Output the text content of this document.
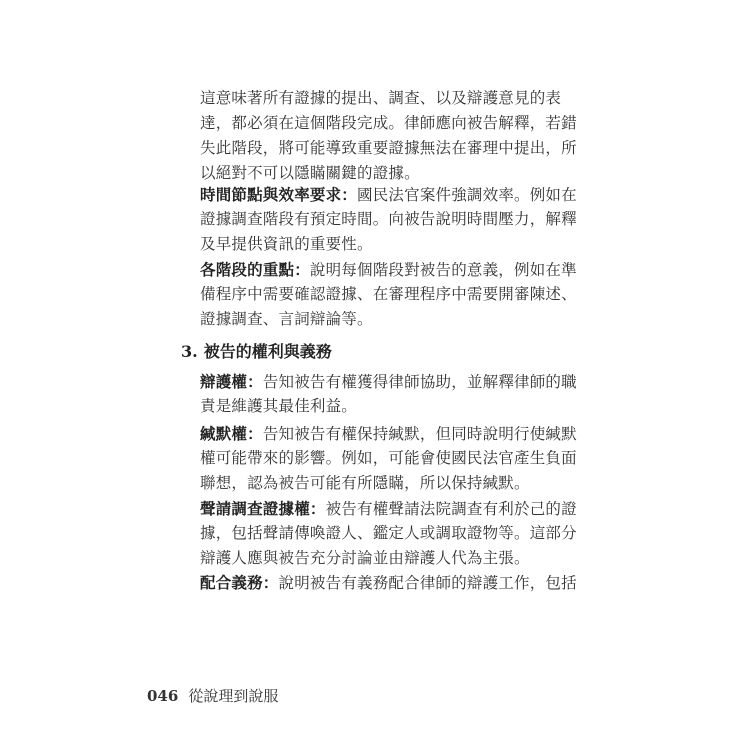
這意味著所有證據的提出、調查、以及辯護意見的表
達，都必須在這個階段完成。律師應向被告解釋，若錯
失此階段，將可能導致重要證據無法在審理中提出，所
以絕對不可以隱瞞關鍵的證據。
時間節點與效率要求：國民法官案件強調效率。例如在
證據調查階段有預定時間。向被告說明時間壓力，解釋
及早提供資訊的重要性。
各階段的重點：說明每個階段對被告的意義，例如在準
備程序中需要確認證據、在審理程序中需要開審陳述、
證據調查、言詞辯論等。
3. 被告的權利與義務
辯護權：告知被告有權獲得律師協助，並解釋律師的職
責是維護其最佳利益。
緘默權：告知被告有權保持緘默，但同時說明行使緘默
權可能帶來的影響。例如，可能會使國民法官產生負面
聯想，認為被告可能有所隱瞞，所以保持緘默。
聲請調查證據權：被告有權聲請法院調查有利於己的證
據，包括聲請傳喚證人、鑑定人或調取證物等。這部分
辯護人應與被告充分討論並由辯護人代為主張。
配合義務：說明被告有義務配合律師的辯護工作，包括
046 從說理到說服
